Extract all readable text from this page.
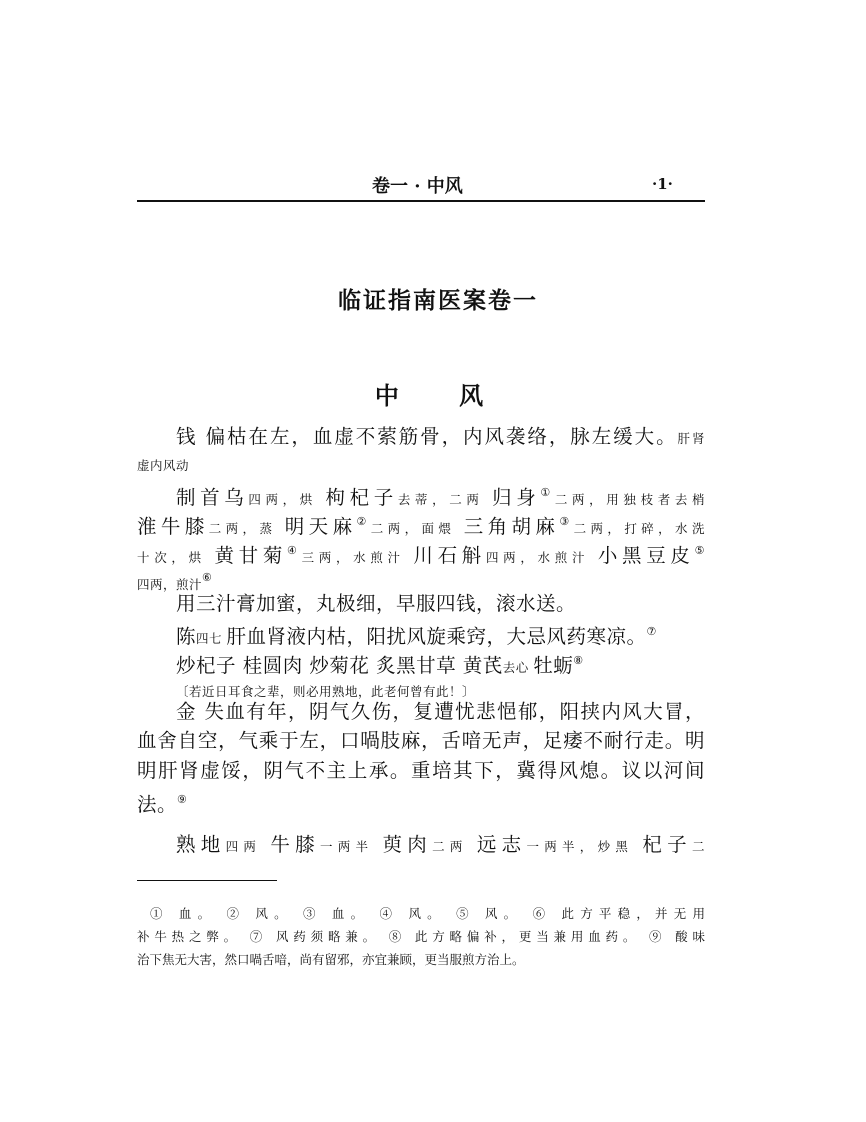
卷一 · 中风	·1·
临证指南医案卷一
中 风
钱 偏枯在左，血虚不萦筋骨，内风袭络，脉左缓大。肝肾
虚内风动
制首乌四两，烘 枸杞子去蒂，二两 归身①二两，用独枝者去梢
淮牛膝二两，蒸 明天麻②二两，面煨 三角胡麻③二两，打碎，水洗
十次，烘 黄甘菊④三两，水煎汁 川石斛四两，水煎汁 小黑豆皮⑤
四两，煎汁⑥
用三汁膏加蜜，丸极细，早服四钱，滚水送。
陈四七 肝血肾液内枯，阳扰风旋乘窍，大忌风药寒凉。⑦
炒杞子 桂圆肉 炒菊花 炙黑甘草 黄芪去心 牡蛎⑧
〔若近日耳食之辈，则必用熟地，此老何曾有此！〕
金 失血有年，阴气久伤，复遭忧悲悒郁，阳挟内风大冒，
血舍自空，气乘于左，口喎肢麻，舌喑无声，足痿不耐行走。明
明肝肾虚馁，阴气不主上承。重培其下，冀得风熄。议以河间
法。⑨
熟地四两 牛膝一两半 萸肉二两 远志一两半，炒黑 杞子二
① 血。 ② 风。 ③ 血。 ④ 风。 ⑤ 风。 ⑥ 此方平稳，并无用
补牛热之弊。 ⑦ 风药须略兼。 ⑧ 此方略偏补，更当兼用血药。 ⑨ 酸味
治下焦无大害，然口喎舌喑，尚有留邪，亦宜兼顾，更当服煎方治上。
